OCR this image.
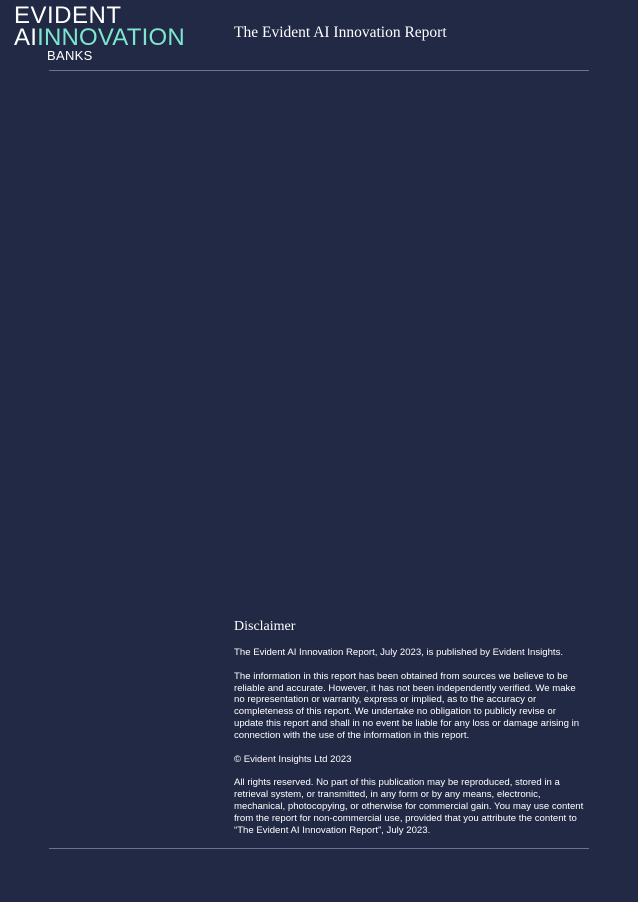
EVIDENT
AIINNOVATION
BANKS
The Evident AI Innovation Report
Disclaimer

The Evident AI Innovation Report, July 2023, is published by Evident Insights.

The information in this report has been obtained from sources we believe to be reliable and accurate. However, it has not been independently verified. We make no representation or warranty, express or implied, as to the accuracy or completeness of this report. We undertake no obligation to publicly revise or update this report and shall in no event be liable for any loss or damage arising in connection with the use of the information in this report.

© Evident Insights Ltd 2023

All rights reserved. No part of this publication may be reproduced, stored in a retrieval system, or transmitted, in any form or by any means, electronic, mechanical, photocopying, or otherwise for commercial gain. You may use content from the report for non-commercial use, provided that you attribute the content to “The Evident AI Innovation Report”, July 2023.
